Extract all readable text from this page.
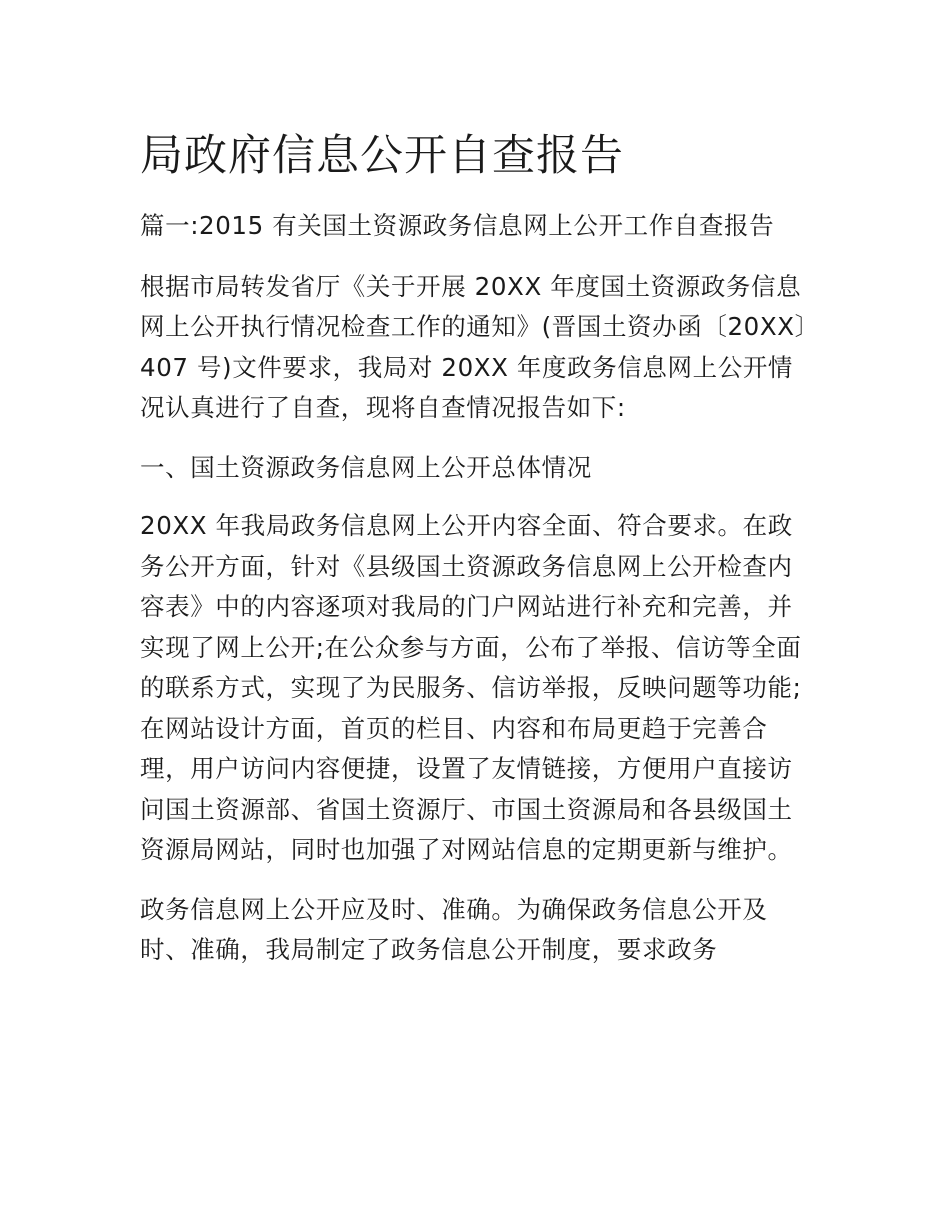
局政府信息公开自查报告

篇一:2015 有关国土资源政务信息网上公开工作自查报告

根据市局转发省厅《关于开展 20XX 年度国土资源政务信息网上公开执行情况检查工作的通知》(晋国土资办函〔20XX〕407 号)文件要求，我局对 20XX 年度政务信息网上公开情况认真进行了自查，现将自查情况报告如下:

一、国土资源政务信息网上公开总体情况

20XX 年我局政务信息网上公开内容全面、符合要求。在政务公开方面，针对《县级国土资源政务信息网上公开检查内容表》中的内容逐项对我局的门户网站进行补充和完善，并实现了网上公开;在公众参与方面，公布了举报、信访等全面的联系方式，实现了为民服务、信访举报，反映问题等功能;在网站设计方面，首页的栏目、内容和布局更趋于完善合理，用户访问内容便捷，设置了友情链接，方便用户直接访问国土资源部、省国土资源厅、市国土资源局和各县级国土资源局网站，同时也加强了对网站信息的定期更新与维护。

政务信息网上公开应及时、准确。为确保政务信息公开及时、准确，我局制定了政务信息公开制度，要求政务
